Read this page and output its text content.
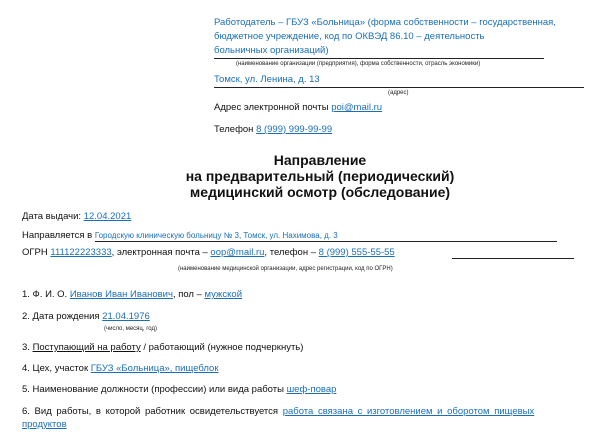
Работодатель – ГБУЗ «Больница» (форма собственности – государственная,
бюджетное учреждение, код по ОКВЭД 86.10 – деятельность
больничных организаций)
(наименование организации (предприятия), форма собственности, отрасль экономики)
Томск, ул. Ленина, д. 13
(адрес)
Адрес электронной почты poi@mail.ru
Телефон 8 (999) 999-99-99
Направление
на предварительный (периодический)
медицинский осмотр (обследование)
Дата выдачи: 12.04.2021
Направляется в Городскую клиническую больницу № 3, Томск, ул. Нахимова, д. 3
ОГРН 111122223333, электронная почта – oop@mail.ru, телефон – 8 (999) 555-55-55
(наименование медицинской организации, адрес регистрации, код по ОГРН)
1. Ф. И. О. Иванов Иван Иванович, пол – мужской
2. Дата рождения 21.04.1976
(число, месяц, год)
3. Поступающий на работу / работающий (нужное подчеркнуть)
4. Цех, участок ГБУЗ «Больница», пищеблок
5. Наименование должности (профессии) или вида работы шеф-повар
6. Вид работы, в которой работник освидетельствуется работа связана с изготовлением и оборотом пищевых
продуктов
